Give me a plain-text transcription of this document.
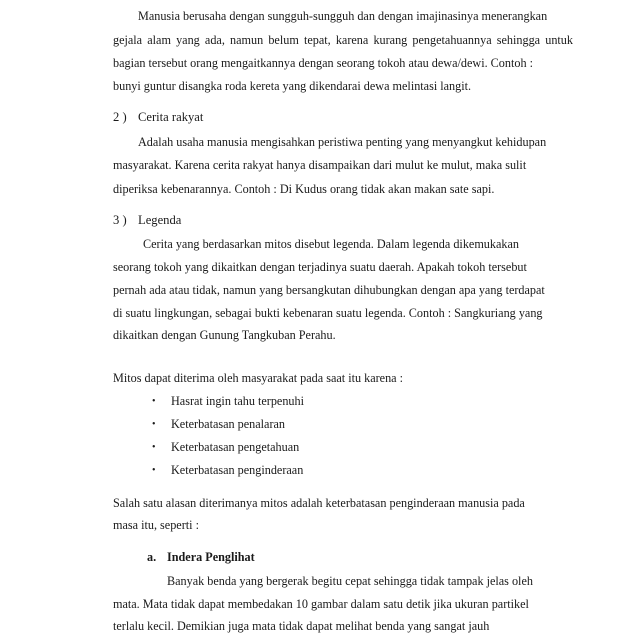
Manusia berusaha dengan sungguh-sungguh dan dengan imajinasinya menerangkan
gejala alam yang ada, namun belum tepat, karena kurang pengetahuannya sehingga untuk
bagian tersebut orang mengaitkannya dengan seorang tokoh atau dewa/dewi. Contoh :
bunyi guntur disangka roda kereta yang dikendarai dewa melintasi langit.
2 ) Cerita rakyat
Adalah usaha manusia mengisahkan peristiwa penting yang menyangkut kehidupan
masyarakat. Karena cerita rakyat hanya disampaikan dari mulut ke mulut, maka sulit
diperiksa kebenarannya. Contoh : Di Kudus orang tidak akan makan sate sapi.
3 ) Legenda
Cerita yang berdasarkan mitos disebut legenda. Dalam legenda dikemukakan
seorang tokoh yang dikaitkan dengan terjadinya suatu daerah. Apakah tokoh tersebut
pernah ada atau tidak, namun yang bersangkutan dihubungkan dengan apa yang terdapat
di suatu lingkungan, sebagai bukti kebenaran suatu legenda. Contoh : Sangkuriang yang
dikaitkan dengan Gunung Tangkuban Perahu.
Mitos dapat diterima oleh masyarakat pada saat itu karena :
• Hasrat ingin tahu terpenuhi
• Keterbatasan penalaran
• Keterbatasan pengetahuan
• Keterbatasan penginderaan
Salah satu alasan diterimanya mitos adalah keterbatasan penginderaan manusia pada
masa itu, seperti :
a. Indera Penglihat
Banyak benda yang bergerak begitu cepat sehingga tidak tampak jelas oleh
mata. Mata tidak dapat membedakan 10 gambar dalam satu detik jika ukuran partikel
terlalu kecil. Demikian juga mata tidak dapat melihat benda yang sangat jauh
